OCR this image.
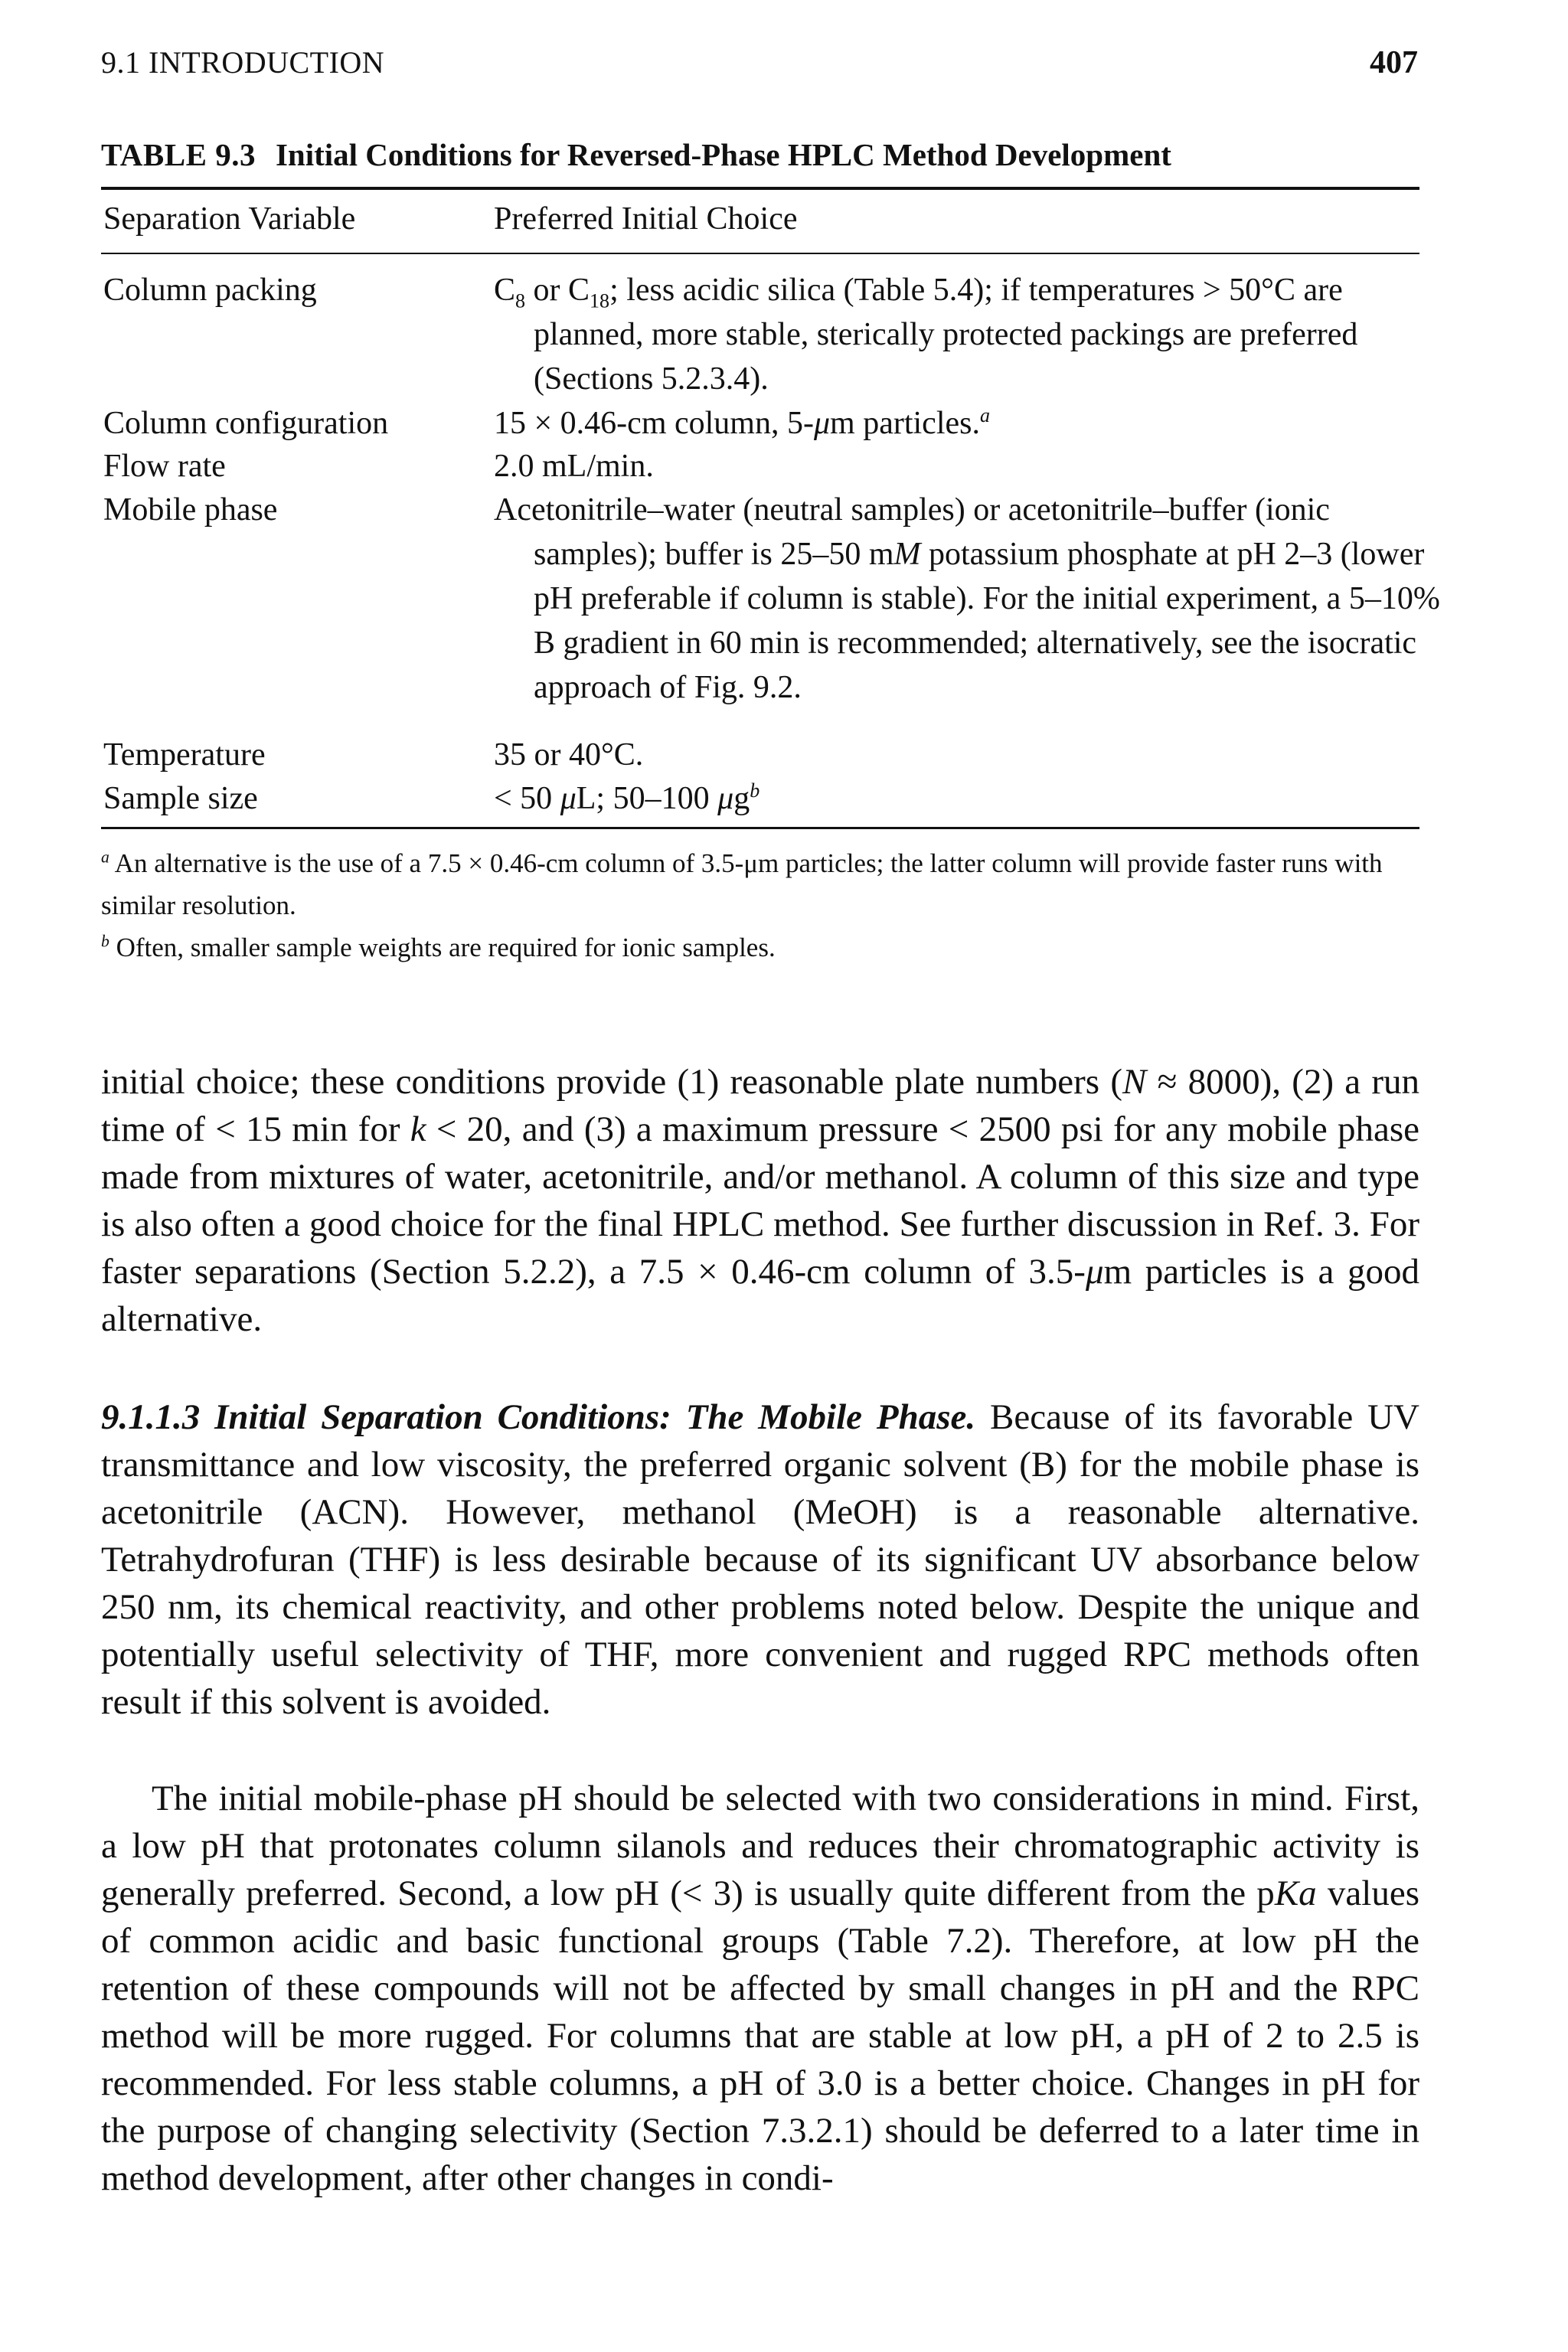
9.1 INTRODUCTION	407
TABLE 9.3 Initial Conditions for Reversed-Phase HPLC Method Development
Separation Variable	Preferred Initial Choice
Column packing	$C_8$ or $C_{18}$; less acidic silica (Table 5.4); if temperatures > 50°C are planned, more stable, sterically protected packings are preferred (Sections 5.2.3.4).
Column configuration	15 × 0.46-cm column, 5-μm particles.$^a$
Flow rate	2.0 mL/min.
Mobile phase	Acetonitrile–water (neutral samples) or acetonitrile–buffer (ionic samples); buffer is 25–50 mM potassium phosphate at pH 2–3 (lower pH preferable if column is stable). For the initial experiment, a 5–10% B gradient in 60 min is recommended; alternatively, see the isocratic approach of Fig. 9.2.
Temperature	35 or 40°C.
Sample size	< 50 μL; 50–100 $\mu g^b$
$^a$ An alternative is the use of a 7.5 × 0.46-cm column of 3.5-μm particles; the latter column will provide faster runs with similar resolution.
$^b$ Often, smaller sample weights are required for ionic samples.
initial choice; these conditions provide (1) reasonable plate numbers (N ≈ 8000), (2) a run time of < 15 min for k < 20, and (3) a maximum pressure < 2500 psi for any mobile phase made from mixtures of water, acetonitrile, and/or methanol. A column of this size and type is also often a good choice for the final HPLC method. See further discussion in Ref. 3. For faster separations (Section 5.2.2), a 7.5 × 0.46-cm column of 3.5-μm particles is a good alternative.
9.1.1.3 Initial Separation Conditions: The Mobile Phase. Because of its favorable UV transmittance and low viscosity, the preferred organic solvent (B) for the mobile phase is acetonitrile (ACN). However, methanol (MeOH) is a reasonable alternative. Tetrahydrofuran (THF) is less desirable because of its significant UV absorbance below 250 nm, its chemical reactivity, and other problems noted below. Despite the unique and potentially useful selectivity of THF, more convenient and rugged RPC methods often result if this solvent is avoided.
The initial mobile-phase pH should be selected with two considerations in mind. First, a low pH that protonates column silanols and reduces their chromatographic activity is generally preferred. Second, a low pH (< 3) is usually quite different from the pKa values of common acidic and basic functional groups (Table 7.2). Therefore, at low pH the retention of these compounds will not be affected by small changes in pH and the RPC method will be more rugged. For columns that are stable at low pH, a pH of 2 to 2.5 is recommended. For less stable columns, a pH of 3.0 is a better choice. Changes in pH for the purpose of changing selectivity (Section 7.3.2.1) should be deferred to a later time in method development, after other changes in condi-
